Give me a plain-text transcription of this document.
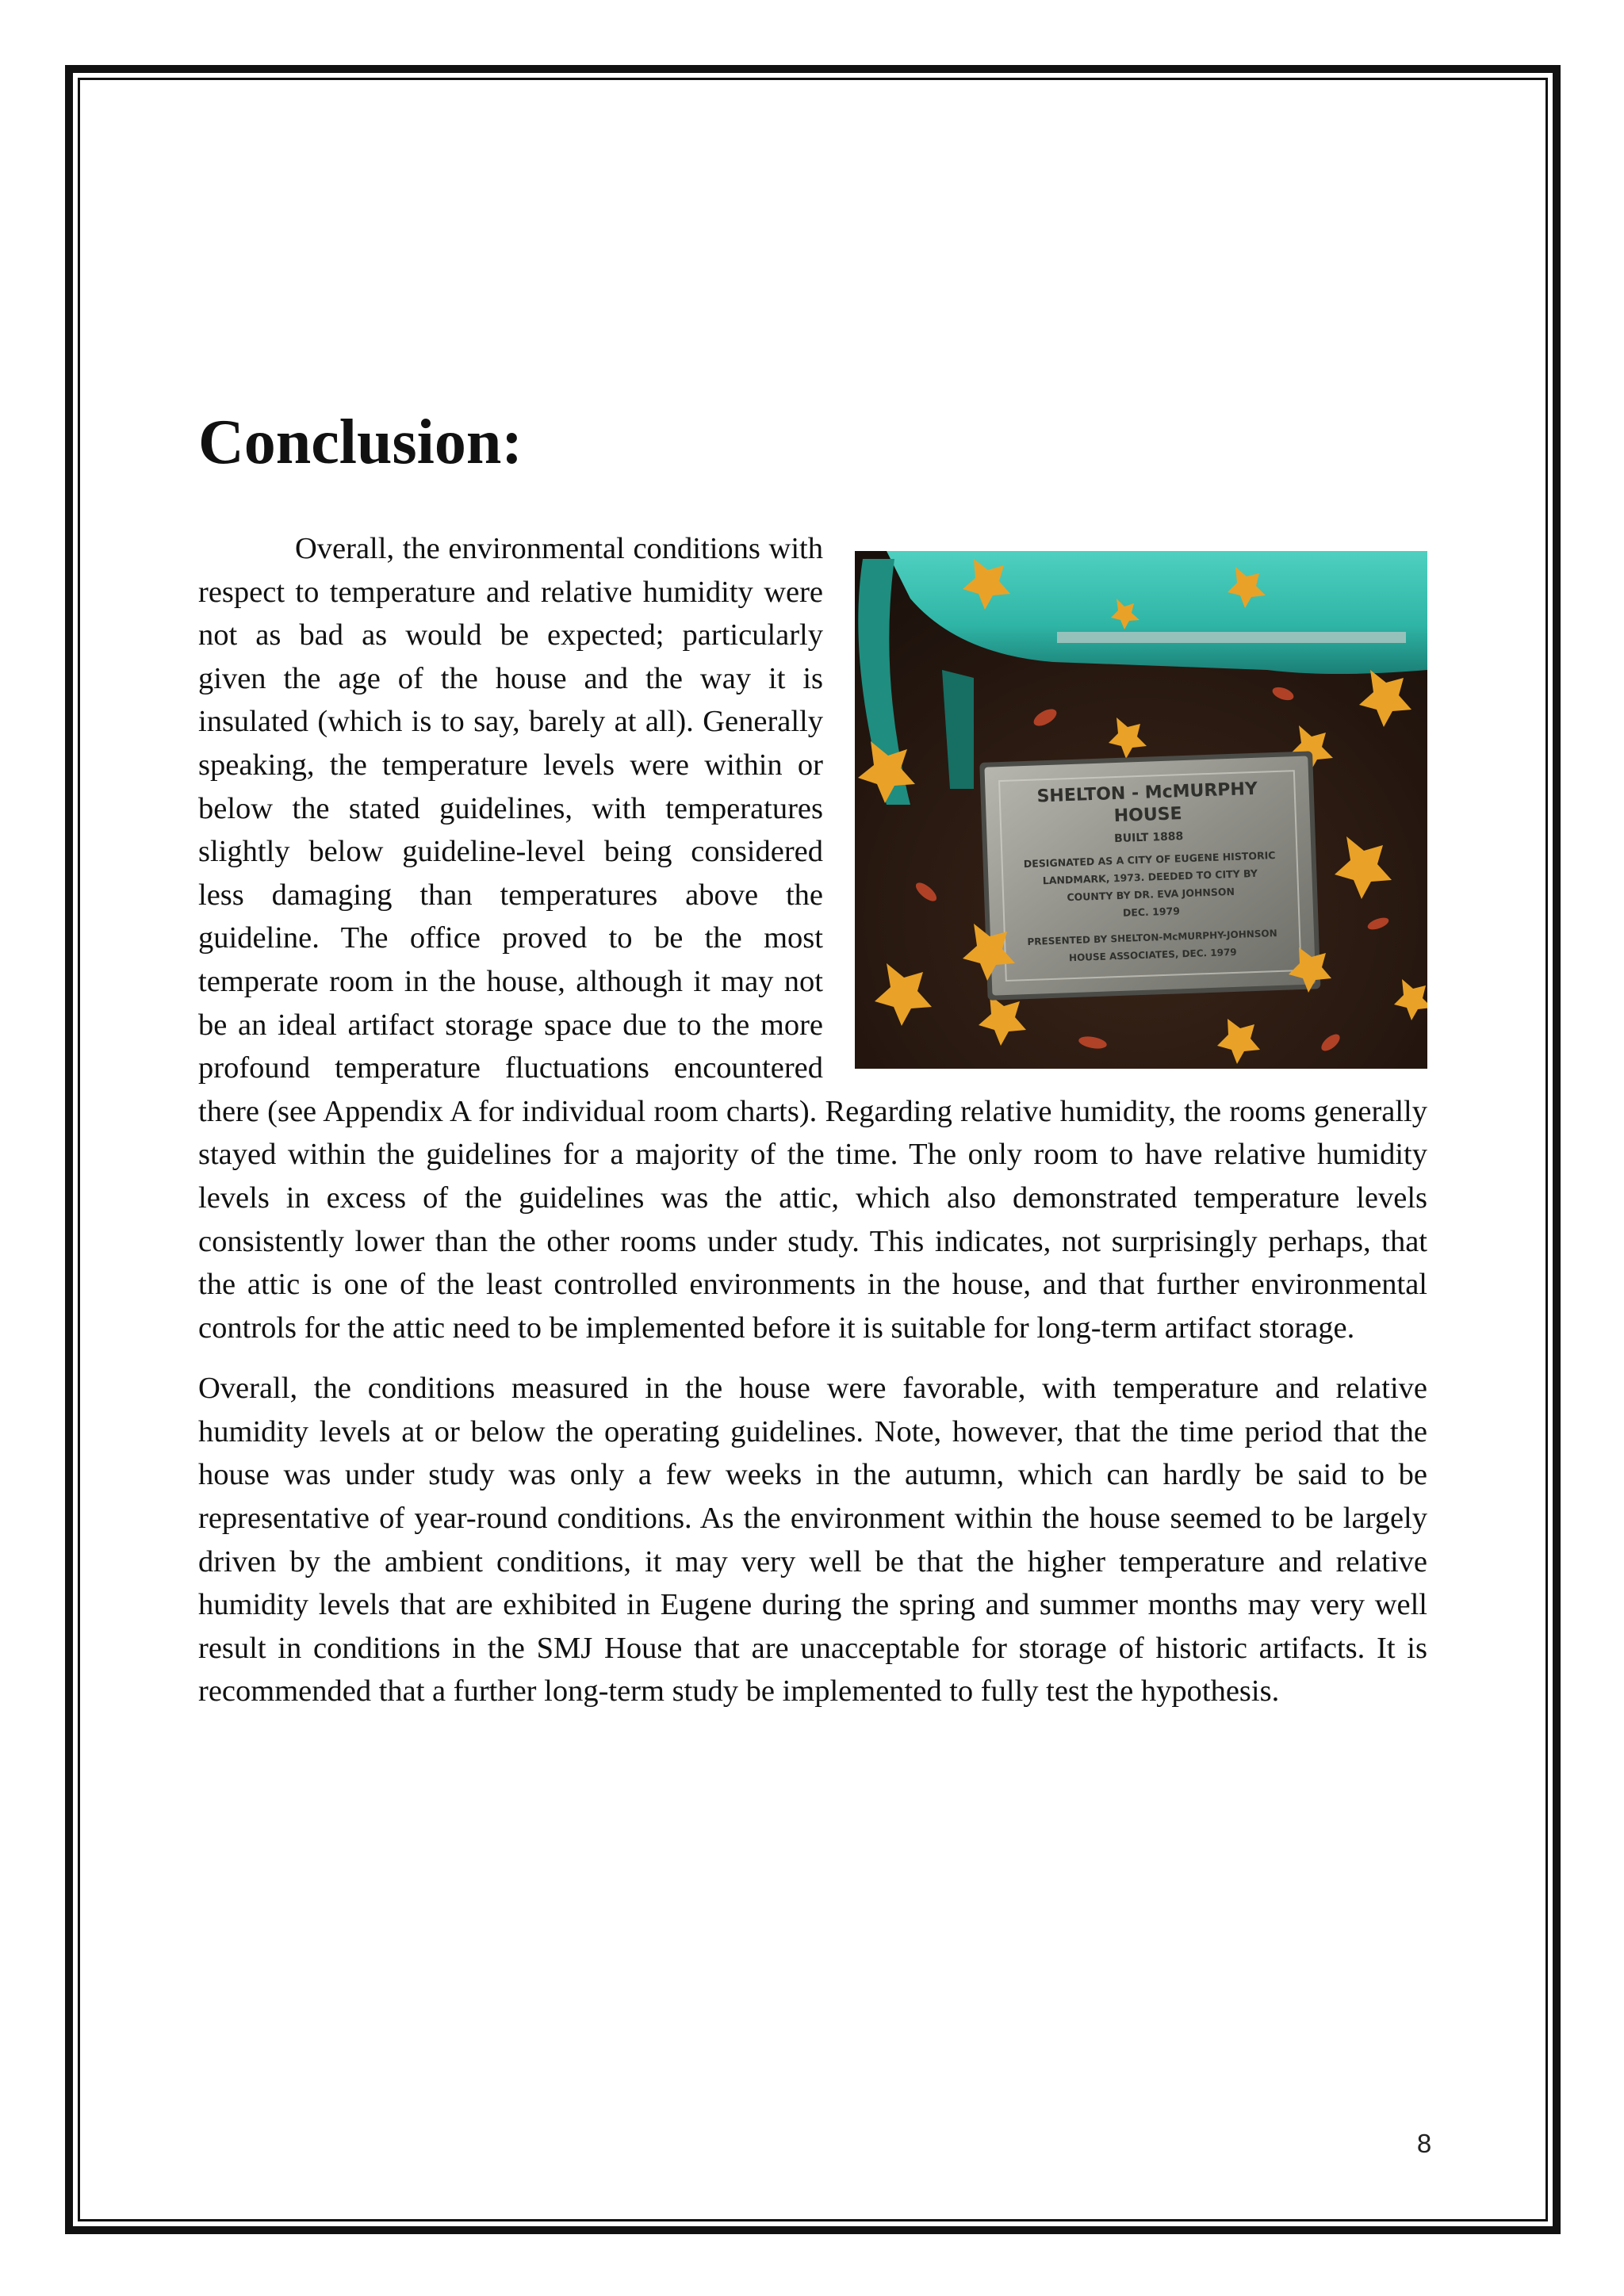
Conclusion:
SHELTON - McMURPHY
HOUSE
BUILT 1888
DESIGNATED AS A CITY OF EUGENE HISTORIC
LANDMARK, 1973. DEEDED TO CITY BY
COUNTY BY DR. EVA JOHNSON
DEC. 1979
PRESENTED BY SHELTON-McMURPHY-JOHNSON
HOUSE ASSOCIATES, DEC. 1979

Overall, the environmental conditions with respect to temperature and relative humidity were not as bad as would be expected; particularly given the age of the house and the way it is insulated (which is to say, barely at all). Generally speaking, the temperature levels were within or below the stated guidelines, with temperatures slightly below guideline-level being considered less damaging than temperatures above the guideline. The office proved to be the most temperate room in the house, although it may not be an ideal artifact storage space due to the more profound temperature fluctuations encountered there (see Appendix A for individual room charts). Regarding relative humidity, the rooms generally stayed within the guidelines for a majority of the time. The only room to have relative humidity levels in excess of the guidelines was the attic, which also demonstrated temperature levels consistently lower than the other rooms under study. This indicates, not surprisingly perhaps, that the attic is one of the least controlled environments in the house, and that further environmental controls for the attic need to be implemented before it is suitable for long-term artifact storage.

Overall, the conditions measured in the house were favorable, with temperature and relative humidity levels at or below the operating guidelines. Note, however, that the time period that the house was under study was only a few weeks in the autumn, which can hardly be said to be representative of year-round conditions. As the environment within the house seemed to be largely driven by the ambient conditions, it may very well be that the higher temperature and relative humidity levels that are exhibited in Eugene during the spring and summer months may very well result in conditions in the SMJ House that are unacceptable for storage of historic artifacts. It is recommended that a further long-term study be implemented to fully test the hypothesis.

8
